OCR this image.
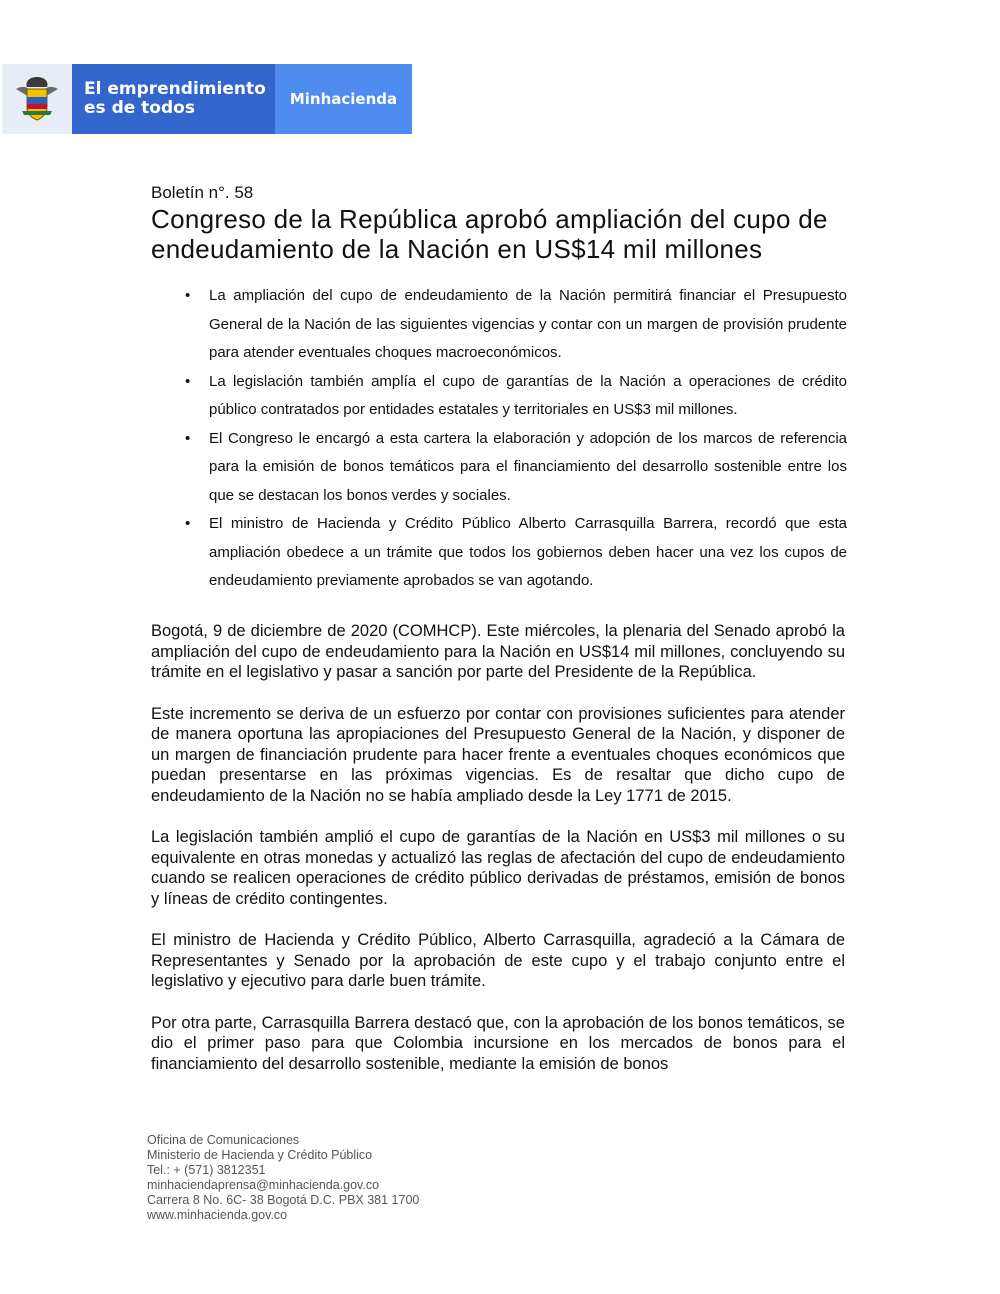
El emprendimiento
es de todos	Minhacienda
Boletín n°. 58
Congreso de la República aprobó ampliación del cupo de endeudamiento de la Nación en US$14 mil millones
• La ampliación del cupo de endeudamiento de la Nación permitirá financiar el Presupuesto General de la Nación de las siguientes vigencias y contar con un margen de provisión prudente para atender eventuales choques macroeconómicos.
• La legislación también amplía el cupo de garantías de la Nación a operaciones de crédito público contratados por entidades estatales y territoriales en US$3 mil millones.
• El Congreso le encargó a esta cartera la elaboración y adopción de los marcos de referencia para la emisión de bonos temáticos para el financiamiento del desarrollo sostenible entre los que se destacan los bonos verdes y sociales.
• El ministro de Hacienda y Crédito Público Alberto Carrasquilla Barrera, recordó que esta ampliación obedece a un trámite que todos los gobiernos deben hacer una vez los cupos de endeudamiento previamente aprobados se van agotando.

Bogotá, 9 de diciembre de 2020 (COMHCP). Este miércoles, la plenaria del Senado aprobó la ampliación del cupo de endeudamiento para la Nación en US$14 mil millones, concluyendo su trámite en el legislativo y pasar a sanción por parte del Presidente de la República.

Este incremento se deriva de un esfuerzo por contar con provisiones suficientes para atender de manera oportuna las apropiaciones del Presupuesto General de la Nación, y disponer de un margen de financiación prudente para hacer frente a eventuales choques económicos que puedan presentarse en las próximas vigencias. Es de resaltar que dicho cupo de endeudamiento de la Nación no se había ampliado desde la Ley 1771 de 2015.

La legislación también amplió el cupo de garantías de la Nación en US$3 mil millones o su equivalente en otras monedas y actualizó las reglas de afectación del cupo de endeudamiento cuando se realicen operaciones de crédito público derivadas de préstamos, emisión de bonos y líneas de crédito contingentes.

El ministro de Hacienda y Crédito Público, Alberto Carrasquilla, agradeció a la Cámara de Representantes y Senado por la aprobación de este cupo y el trabajo conjunto entre el legislativo y ejecutivo para darle buen trámite.

Por otra parte, Carrasquilla Barrera destacó que, con la aprobación de los bonos temáticos, se dio el primer paso para que Colombia incursione en los mercados de bonos para el financiamiento del desarrollo sostenible, mediante la emisión de bonos

Oficina de Comunicaciones
Ministerio de Hacienda y Crédito Público
Tel.: + (571) 3812351
minhaciendaprensa@minhacienda.gov.co
Carrera 8 No. 6C- 38 Bogotá D.C. PBX 381 1700
www.minhacienda.gov.co
